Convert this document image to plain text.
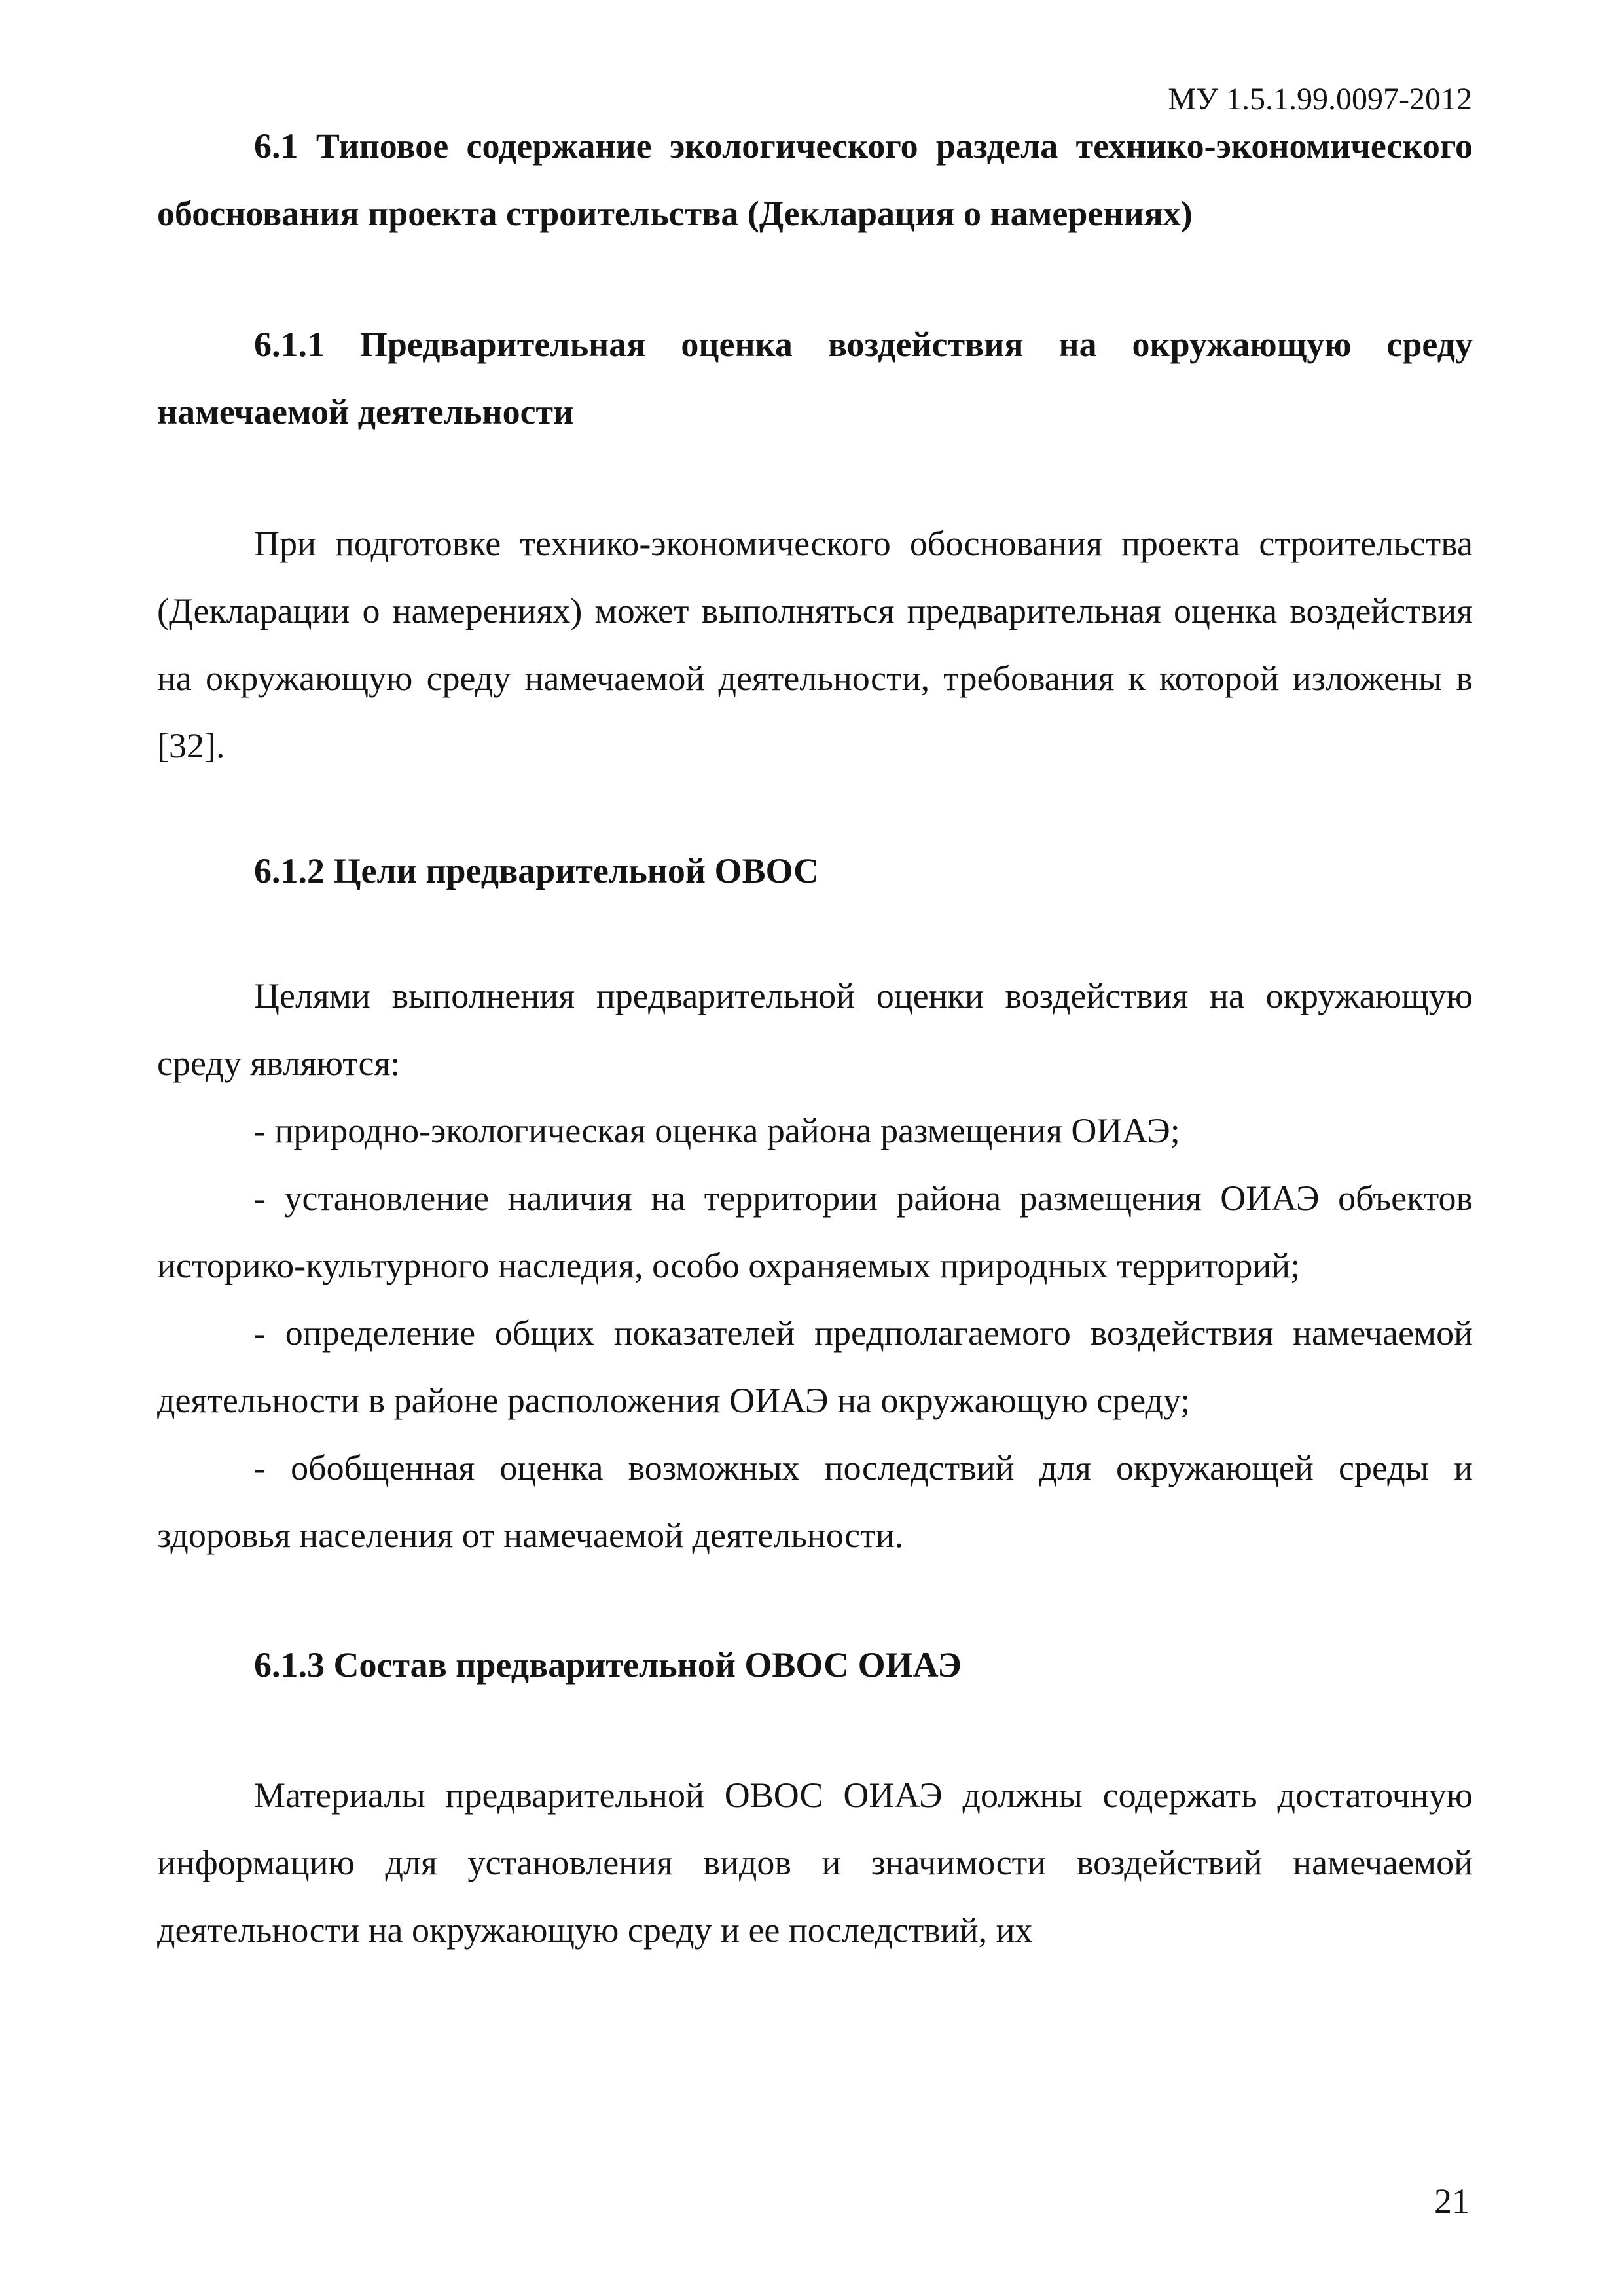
МУ 1.5.1.99.0097-2012

6.1 Типовое содержание экологического раздела технико-экономического обоснования проекта строительства (Декларация о намерениях)

6.1.1 Предварительная оценка воздействия на окружающую среду намечаемой деятельности

При подготовке технико-экономического обоснования проекта строительства (Декларации о намерениях) может выполняться предварительная оценка воздействия на окружающую среду намечаемой деятельности, требования к которой изложены в [32].

6.1.2 Цели предварительной ОВОС

Целями выполнения предварительной оценки воздействия на окружающую среду являются:

- природно-экологическая оценка района размещения ОИАЭ;

- установление наличия на территории района размещения ОИАЭ объектов историко-культурного наследия, особо охраняемых природных территорий;

- определение общих показателей предполагаемого воздействия намечаемой деятельности в районе расположения ОИАЭ на окружающую среду;

- обобщенная оценка возможных последствий для окружающей среды и здоровья населения от намечаемой деятельности.

6.1.3 Состав предварительной ОВОС ОИАЭ

Материалы предварительной ОВОС ОИАЭ должны содержать достаточную информацию для установления видов и значимости воздействий намечаемой деятельности на окружающую среду и ее последствий, их

21
